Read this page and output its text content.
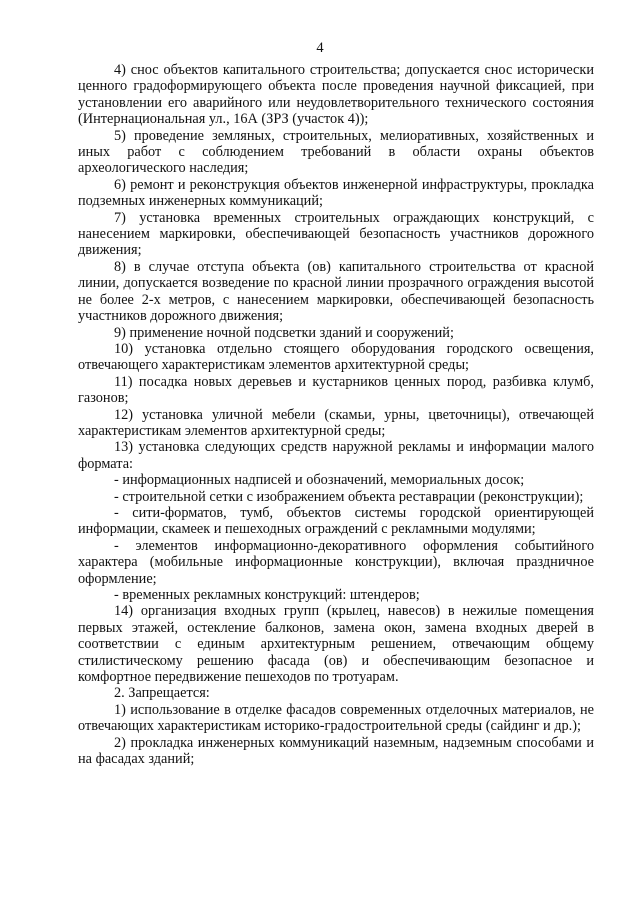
4

4) снос объектов капитального строительства; допускается снос исторически ценного градоформирующего объекта после проведения научной фиксацией, при установлении его аварийного или неудовлетворительного технического состояния (Интернациональная ул., 16А (ЗРЗ (участок 4));

5) проведение земляных, строительных, мелиоративных, хозяйственных и иных работ с соблюдением требований в области охраны объектов археологического наследия;

6) ремонт и реконструкция объектов инженерной инфраструктуры, прокладка подземных инженерных коммуникаций;

7) установка временных строительных ограждающих конструкций, с нанесением маркировки, обеспечивающей безопасность участников дорожного движения;

8) в случае отступа объекта (ов) капитального строительства от красной линии, допускается возведение по красной линии прозрачного ограждения высотой не более 2-х метров, с нанесением маркировки, обеспечивающей безопасность участников дорожного движения;

9) применение ночной подсветки зданий и сооружений;

10) установка отдельно стоящего оборудования городского освещения, отвечающего характеристикам элементов архитектурной среды;

11) посадка новых деревьев и кустарников ценных пород, разбивка клумб, газонов;

12) установка уличной мебели (скамьи, урны, цветочницы), отвечающей характеристикам элементов архитектурной среды;

13) установка следующих средств наружной рекламы и информации малого формата:

- информационных надписей и обозначений, мемориальных досок;

- строительной сетки с изображением объекта реставрации (реконструкции);

- сити-форматов, тумб, объектов системы городской ориентирующей информации, скамеек и пешеходных ограждений с рекламными модулями;

- элементов информационно-декоративного оформления событийного характера (мобильные информационные конструкции), включая праздничное оформление;

- временных рекламных конструкций: штендеров;

14) организация входных групп (крылец, навесов) в нежилые помещения первых этажей, остекление балконов, замена окон, замена входных дверей в соответствии с единым архитектурным решением, отвечающим общему стилистическому решению фасада (ов) и обеспечивающим безопасное и комфортное передвижение пешеходов по тротуарам.

2. Запрещается:

1) использование в отделке фасадов современных отделочных материалов, не отвечающих характеристикам историко-градостроительной среды (сайдинг и др.);

2) прокладка инженерных коммуникаций наземным, надземным способами и на фасадах зданий;
